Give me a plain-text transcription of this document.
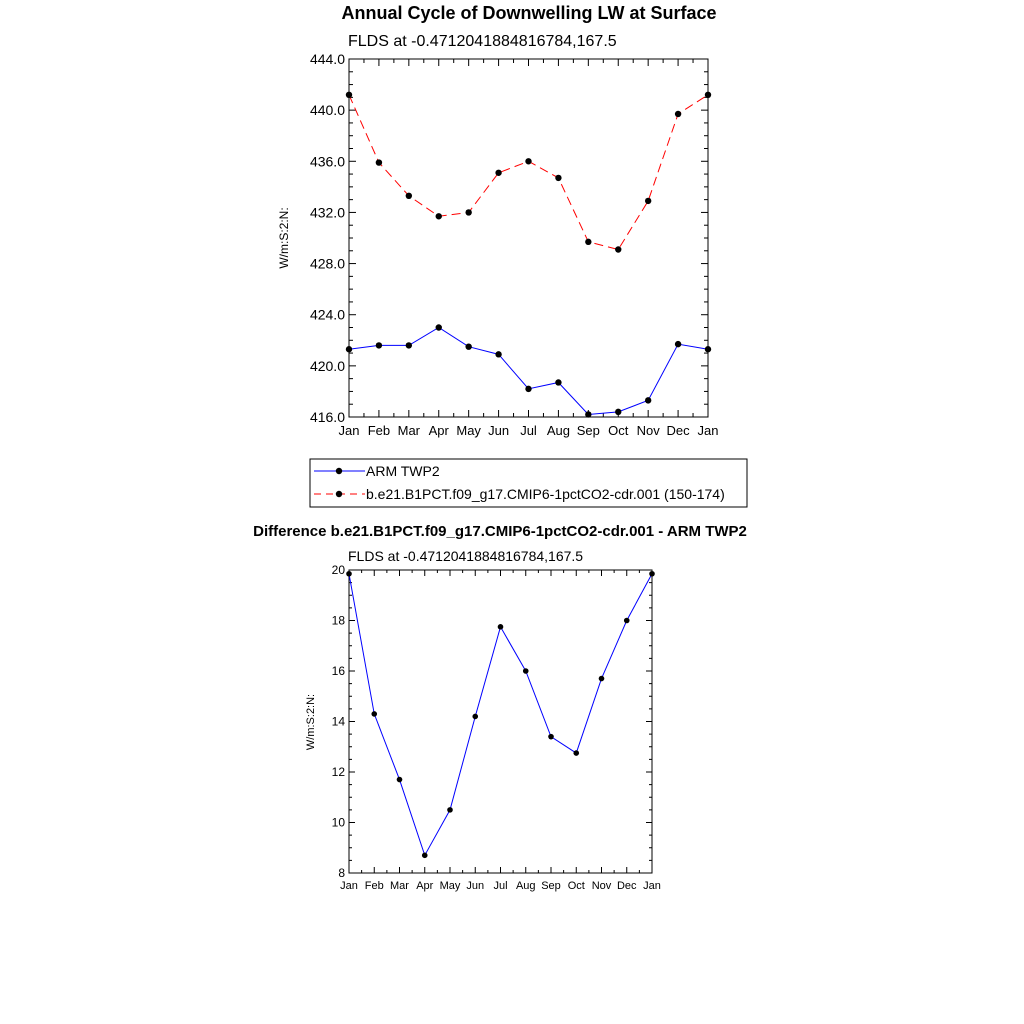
Annual Cycle of Downwelling LW at Surface
FLDS at -0.4712041884816784,167.5
416.0
420.0
424.0
428.0
432.0
436.0
440.0
444.0
Jan Feb Mar Apr May Jun Jul Aug Sep Oct Nov Dec Jan
W/m:S:2:N:
ARM TWP2
b.e21.B1PCT.f09_g17.CMIP6-1pctCO2-cdr.001 (150-174)
Difference b.e21.B1PCT.f09_g17.CMIP6-1pctCO2-cdr.001 - ARM TWP2
FLDS at -0.4712041884816784,167.5
8
10
12
14
16
18
20
Jan Feb Mar Apr May Jun Jul Aug Sep Oct Nov Dec Jan
W/m:S:2:N:
